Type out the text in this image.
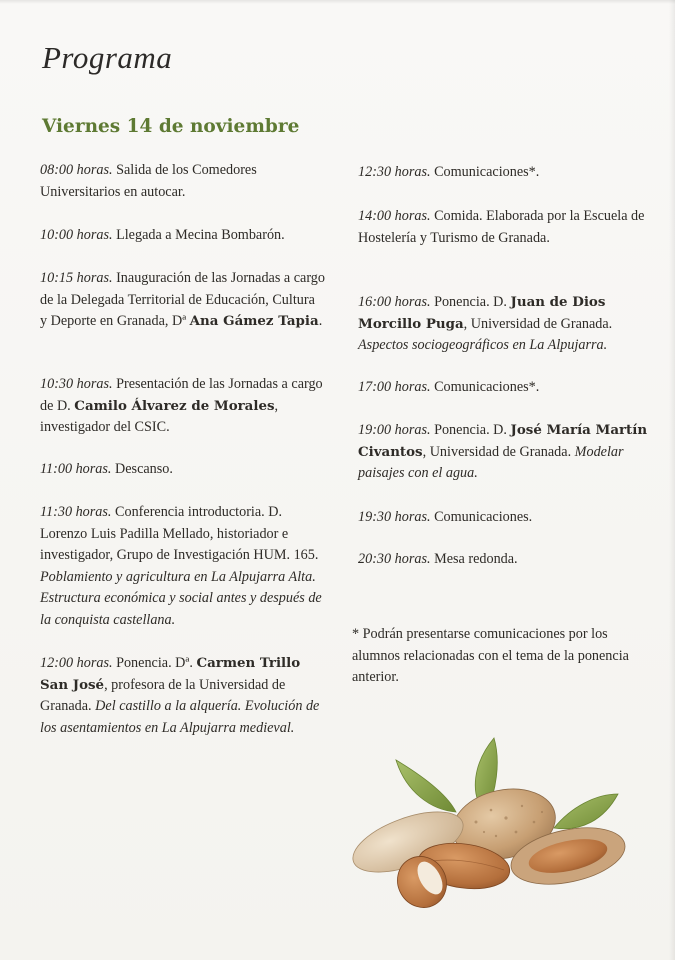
Programa
Viernes 14 de noviembre
08:00 horas. Salida de los Comedores Universitarios en autocar.
10:00 horas. Llegada a Mecina Bombarón.
10:15 horas. Inauguración de las Jornadas a cargo de la Delegada Territorial de Educación, Cultura y Deporte en Granada, Dª Ana Gámez Tapia.
10:30 horas. Presentación de las Jornadas a cargo de D. Camilo Álvarez de Morales, investigador del CSIC.
11:00 horas. Descanso.
11:30 horas. Conferencia introductoria. D. Lorenzo Luis Padilla Mellado, historiador e investigador, Grupo de Investigación HUM. 165. Poblamiento y agricultura en La Alpujarra Alta. Estructura económica y social antes y después de la conquista castellana.
12:00 horas. Ponencia. Dª. Carmen Trillo San José, profesora de la Universidad de Granada. Del castillo a la alquería. Evolución de los asentamientos en La Alpujarra medieval.
12:30 horas. Comunicaciones*.
14:00 horas. Comida. Elaborada por la Escuela de Hostelería y Turismo de Granada.
16:00 horas. Ponencia. D. Juan de Dios Morcillo Puga, Universidad de Granada. Aspectos sociogeográficos en La Alpujarra.
17:00 horas. Comunicaciones*.
19:00 horas. Ponencia. D. José María Martín Civantos, Universidad de Granada. Modelar paisajes con el agua.
19:30 horas. Comunicaciones.
20:30 horas. Mesa redonda.
* Podrán presentarse comunicaciones por los alumnos relacionadas con el tema de la ponencia anterior.
